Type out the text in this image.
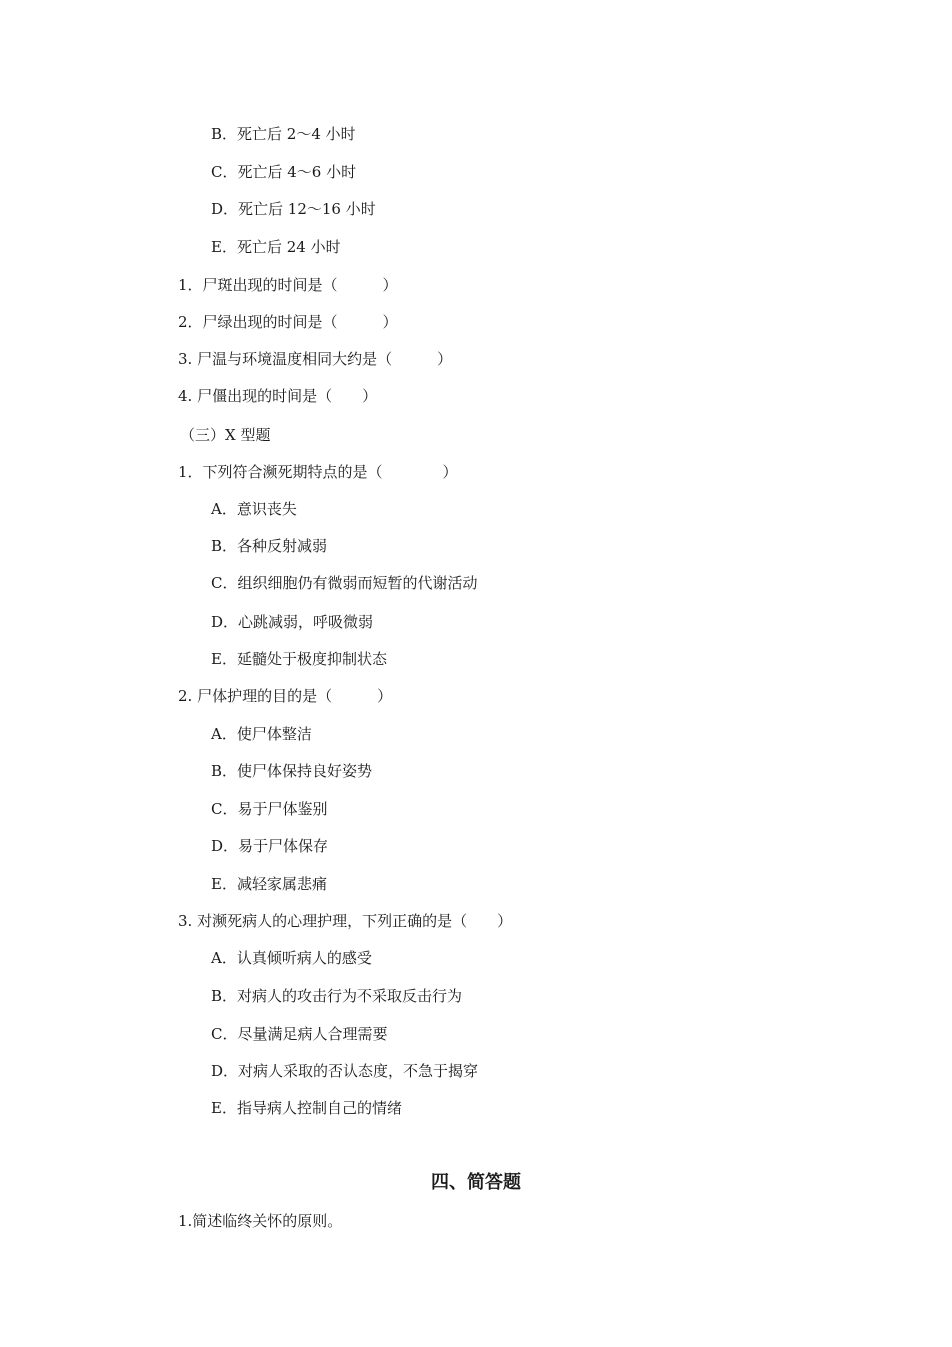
B．死亡后 2～4 小时
C．死亡后 4～6 小时
D．死亡后 12～16 小时
E．死亡后 24 小时
1．尸斑出现的时间是（　　　）
2．尸绿出现的时间是（　　　）
3. 尸温与环境温度相同大约是（　　　）
4. 尸僵出现的时间是（　　）
（三）X 型题
1．下列符合濒死期特点的是（　　　　）
A．意识丧失
B．各种反射减弱
C．组织细胞仍有微弱而短暂的代谢活动
D．心跳减弱，呼吸微弱
E．延髓处于极度抑制状态
2. 尸体护理的目的是（　　　）
A．使尸体整洁
B．使尸体保持良好姿势
C．易于尸体鉴别
D．易于尸体保存
E．减轻家属悲痛
3. 对濒死病人的心理护理，下列正确的是（　　）
A．认真倾听病人的感受
B．对病人的攻击行为不采取反击行为
C．尽量满足病人合理需要
D．对病人采取的否认态度，不急于揭穿
E．指导病人控制自己的情绪
四、简答题
1.简述临终关怀的原则。
